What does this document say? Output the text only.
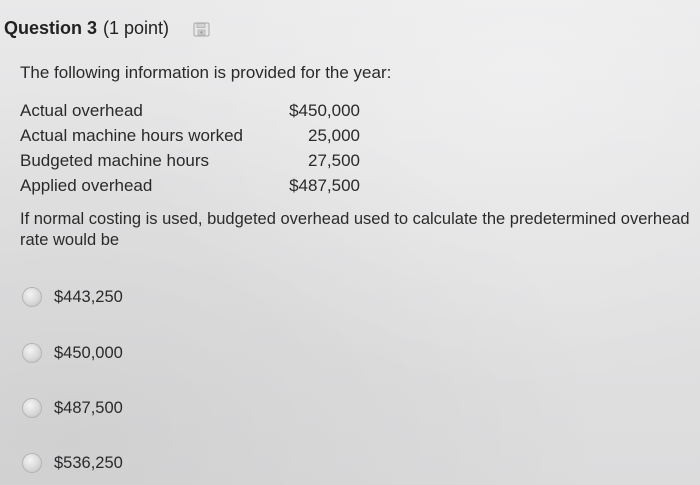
Question 3 (1 point)
The following information is provided for the year:
Actual overhead	$450,000
Actual machine hours worked	25,000
Budgeted machine hours	27,500
Applied overhead	$487,500
If normal costing is used, budgeted overhead used to calculate the predetermined overhead rate would be
$443,250
$450,000
$487,500
$536,250
